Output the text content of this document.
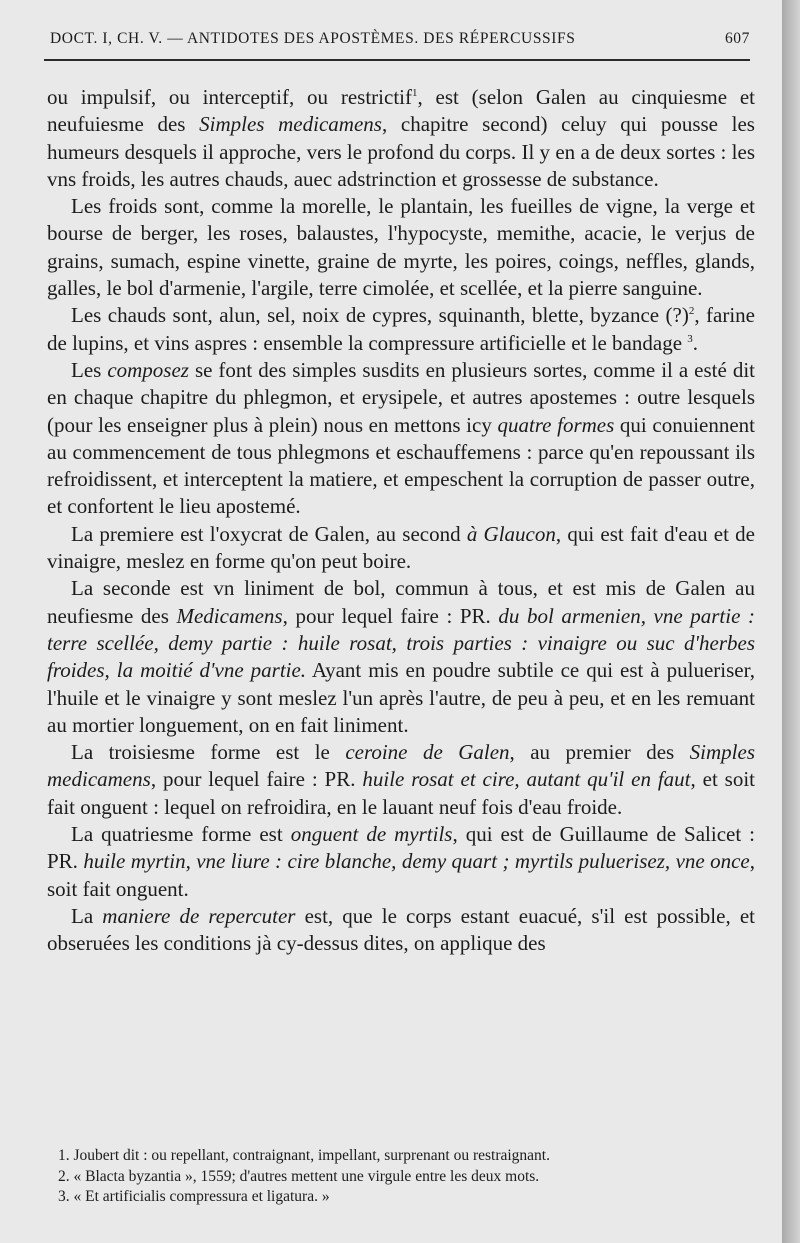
DOCT. I, CH. V. — ANTIDOTES DES APOSTÈMES. DES RÉPERCUSSIFS	607

ou impulsif, ou interceptif, ou restrictif$^1$, est (selon Galen au cinquiesme et neufuiesme des Simples medicamens, chapitre second) celuy qui pousse les humeurs desquels il approche, vers le profond du corps. Il y en a de deux sortes : les vns froids, les autres chauds, auec adstrinction et grossesse de substance.

Les froids sont, comme la morelle, le plantain, les fueilles de vigne, la verge et bourse de berger, les roses, balaustes, l'hypocyste, memithe, acacie, le verjus de grains, sumach, espine vinette, graine de myrte, les poires, coings, neffles, glands, galles, le bol d'armenie, l'argile, terre cimolée, et scellée, et la pierre sanguine.

Les chauds sont, alun, sel, noix de cypres, squinanth, blette, byzance (?)$^2$, farine de lupins, et vins aspres : ensemble la compressure artificielle et le bandage $^3$.

Les composez se font des simples susdits en plusieurs sortes, comme il a esté dit en chaque chapitre du phlegmon, et erysipele, et autres apostemes : outre lesquels (pour les enseigner plus à plein) nous en mettons icy quatre formes qui conuiennent au commencement de tous phlegmons et eschauffemens : parce qu'en repoussant ils refroidissent, et interceptent la matiere, et empeschent la corruption de passer outre, et confortent le lieu apostemé.

La premiere est l'oxycrat de Galen, au second à Glaucon, qui est fait d'eau et de vinaigre, meslez en forme qu'on peut boire.

La seconde est vn liniment de bol, commun à tous, et est mis de Galen au neufiesme des Medicamens, pour lequel faire : PR. du bol armenien, vne partie : terre scellée, demy partie : huile rosat, trois parties : vinaigre ou suc d'herbes froides, la moitié d'vne partie. Ayant mis en poudre subtile ce qui est à pulueriser, l'huile et le vinaigre y sont meslez l'un après l'autre, de peu à peu, et en les remuant au mortier longuement, on en fait liniment.

La troisiesme forme est le ceroine de Galen, au premier des Simples medicamens, pour lequel faire : PR. huile rosat et cire, autant qu'il en faut, et soit fait onguent : lequel on refroidira, en le lauant neuf fois d'eau froide.

La quatriesme forme est onguent de myrtils, qui est de Guillaume de Salicet : PR. huile myrtin, vne liure : cire blanche, demy quart ; myrtils pulueris‌ez, vne once, soit fait onguent.

La maniere de repercuter est, que le corps estant euacué, s'il est possible, et obseruées les conditions jà cy-dessus dites, on applique des

1. Joubert dit : ou repellant, contraignant, impellant, surprenant ou restraignant.
2. « Blacta byzantia », 1559; d'autres mettent une virgule entre les deux mots.
3. « Et artificialis compressura et ligatura. »
